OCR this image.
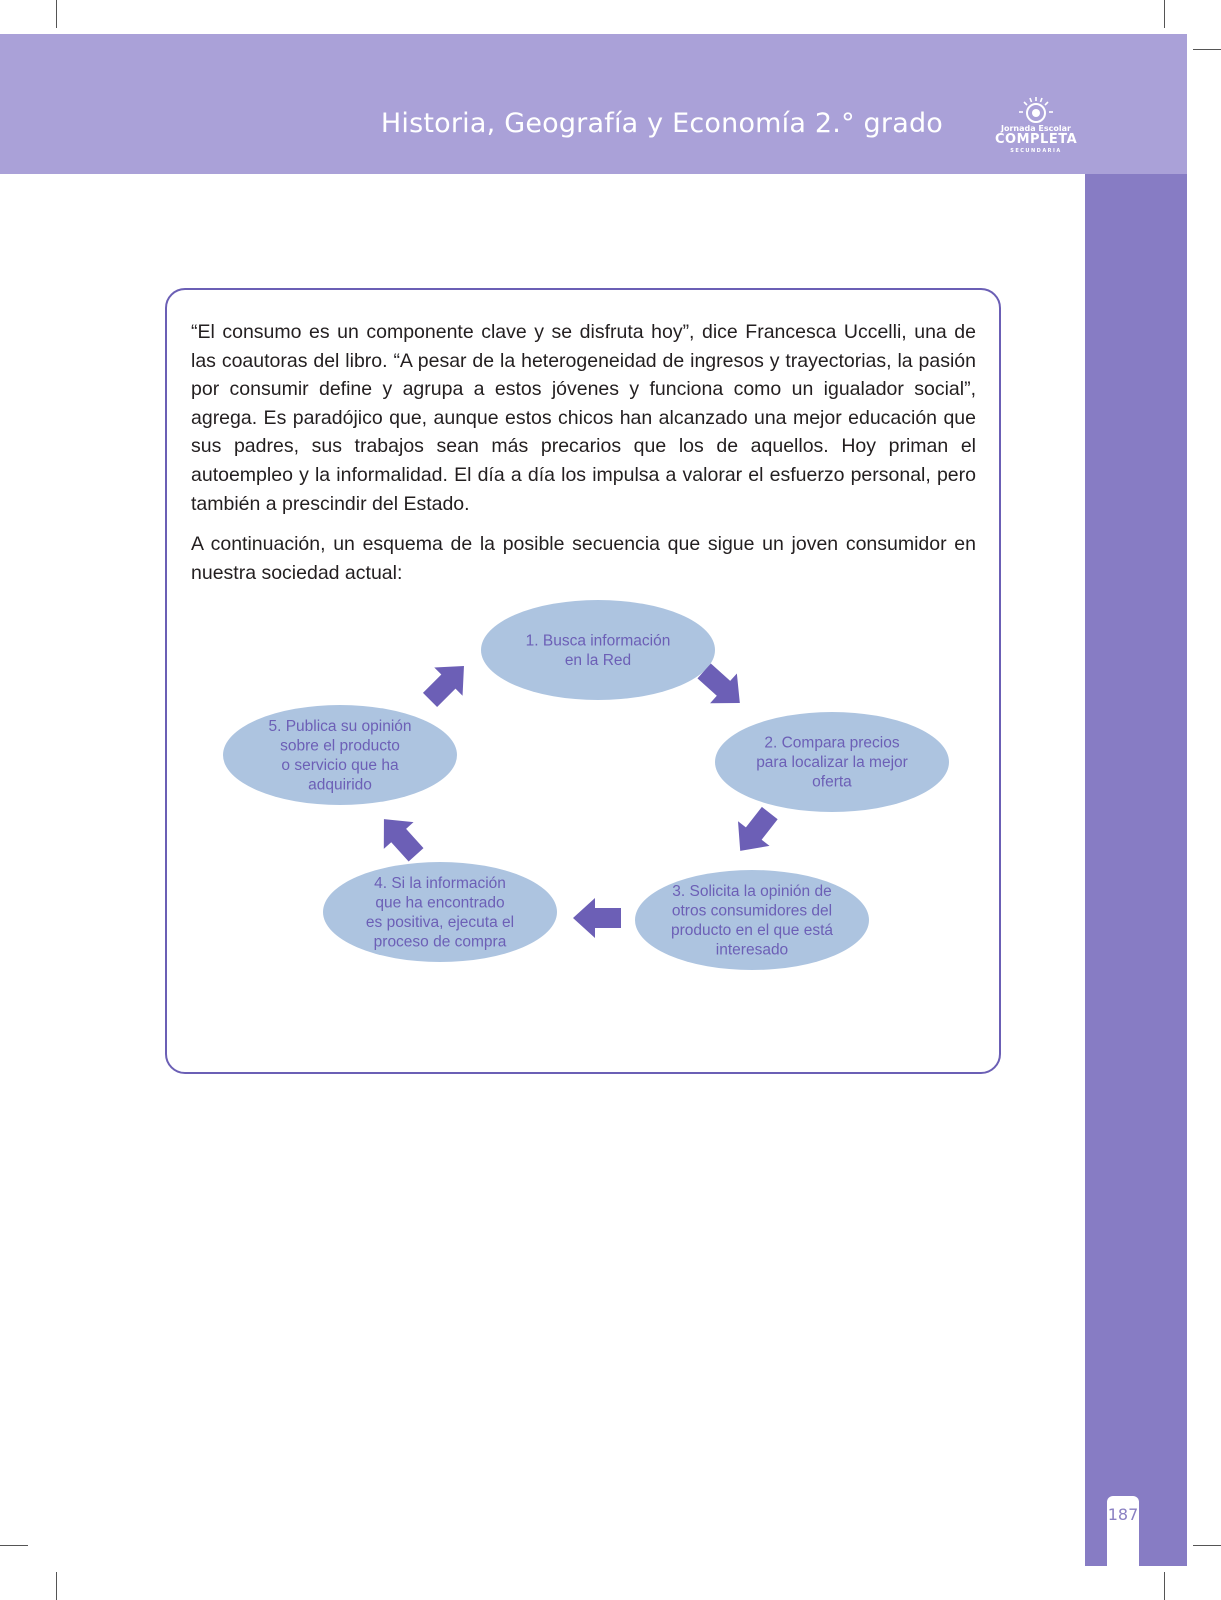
Historia, Geografía y Economía 2.° grado	Jornada Escolar
COMPLETA
SECUNDARIA
187

“El consumo es un componente clave y se disfruta hoy”, dice Francesca Uccelli, una de las coautoras del libro. “A pesar de la heterogeneidad de ingresos y trayectorias, la pasión por consumir define y agrupa a estos jóvenes y funciona como un igualador social”, agrega. Es paradójico que, aunque estos chicos han alcanzado una mejor educación que sus padres, sus trabajos sean más precarios que los de aquellos. Hoy priman el autoempleo y la informalidad. El día a día los impulsa a valorar el esfuerzo personal, pero también a prescindir del Estado.

A continuación, un esquema de la posible secuencia que sigue un joven consumidor en nuestra sociedad actual:

1. Busca información
en la Red
2. Compara precios
para localizar la mejor
oferta
3. Solicita la opinión de
otros consumidores del
producto en el que está
interesado
4. Si la información
que ha encontrado
es positiva, ejecuta el
proceso de compra
5. Publica su opinión
sobre el producto
o servicio que ha
adquirido
